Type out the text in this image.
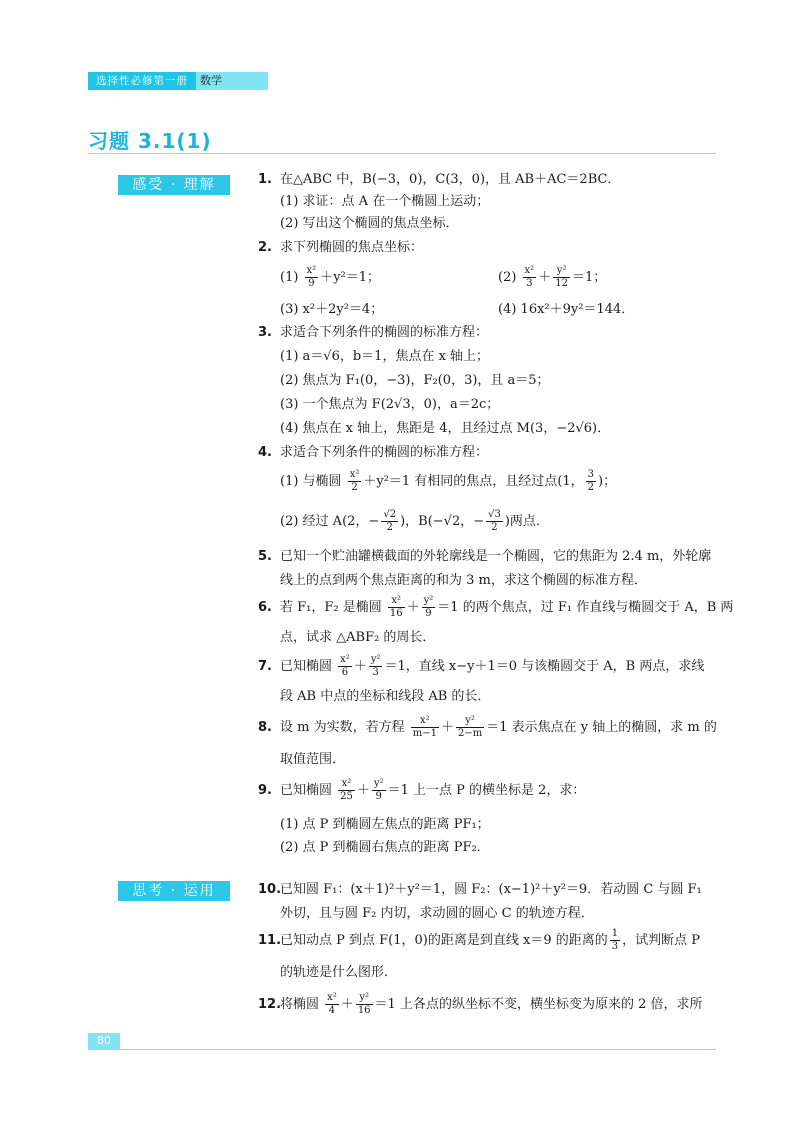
选择性必修第一册	数学
习题 3.1(1)
感受 · 理解
思考 · 运用
1. 在△ABC 中，B(−3，0)，C(3，0)，且 AB＋AC＝2BC．
(1) 求证：点 A 在一个椭圆上运动；
(2) 写出这个椭圆的焦点坐标．
2. 求下列椭圆的焦点坐标：
$(1) \frac{\text{x²}}{9} +y^2=1$；	$(2) \frac{\text{x²}}{3} + \frac{\text{y²}}{12} =1$；
(3) x²＋2y²＝4；	(4) 16x²＋9y²＝144．
3. 求适合下列条件的椭圆的标准方程：
(1) a＝√6，b＝1，焦点在 x 轴上；
(2) 焦点为 F₁(0，−3)，F₂(0，3)，且 a＝5；
(3) 一个焦点为 F(2√3，0)，a＝2c；
(4) 焦点在 x 轴上，焦距是 4，且经过点 M(3，−2√6)．
4. 求适合下列条件的椭圆的标准方程：
(1) 与椭圆 $\frac{\text{x²}}{2} +y^2=1$ 有相同的焦点，且经过点(1， $\frac{3}{2}$ )；
(2) 经过 A(2，− $\frac{√2}{2}$ )，B(−√2，− $\frac{√3}{2}$ )两点．
5. 已知一个贮油罐横截面的外轮廓线是一个椭圆，它的焦距为 2.4 m，外轮廓
线上的点到两个焦点距离的和为 3 m，求这个椭圆的标准方程．
6. 若 F₁，F₂ 是椭圆 $\frac{\text{x²}}{16} + \frac{\text{y²}}{9} =1$ 的两个焦点，过 F₁ 作直线与椭圆交于 A，B 两
点，试求 △ABF₂ 的周长．
7. 已知椭圆 $\frac{\text{x²}}{6} + \frac{\text{y²}}{3} =1$，直线 x−y＋1＝0 与该椭圆交于 A，B 两点，求线
段 AB 中点的坐标和线段 AB 的长．
8. 设 m 为实数，若方程 $\frac{\text{x²}}{m-1} + \frac{\text{y²}}{2-m} =1$ 表示焦点在 y 轴上的椭圆，求 m 的
取值范围．
9. 已知椭圆 $\frac{\text{x²}}{25} + \frac{\text{y²}}{9} =1$ 上一点 P 的横坐标是 2，求：
(1) 点 P 到椭圆左焦点的距离 PF₁；
(2) 点 P 到椭圆右焦点的距离 PF₂．
10.已知圆 F₁：(x＋1)²＋y²＝1，圆 F₂：(x−1)²＋y²＝9．若动圆 C 与圆 F₁
外切，且与圆 F₂ 内切，求动圆的圆心 C 的轨迹方程．
11.已知动点 P 到点 F(1，0)的距离是到直线 x＝9 的距离的 $\frac{1}{3}$ ，试判断点 P
的轨迹是什么图形．
12.将椭圆 $\frac{\text{x²}}{4} + \frac{\text{y²}}{16} =1$ 上各点的纵坐标不变，横坐标变为原来的 2 倍，求所
80
